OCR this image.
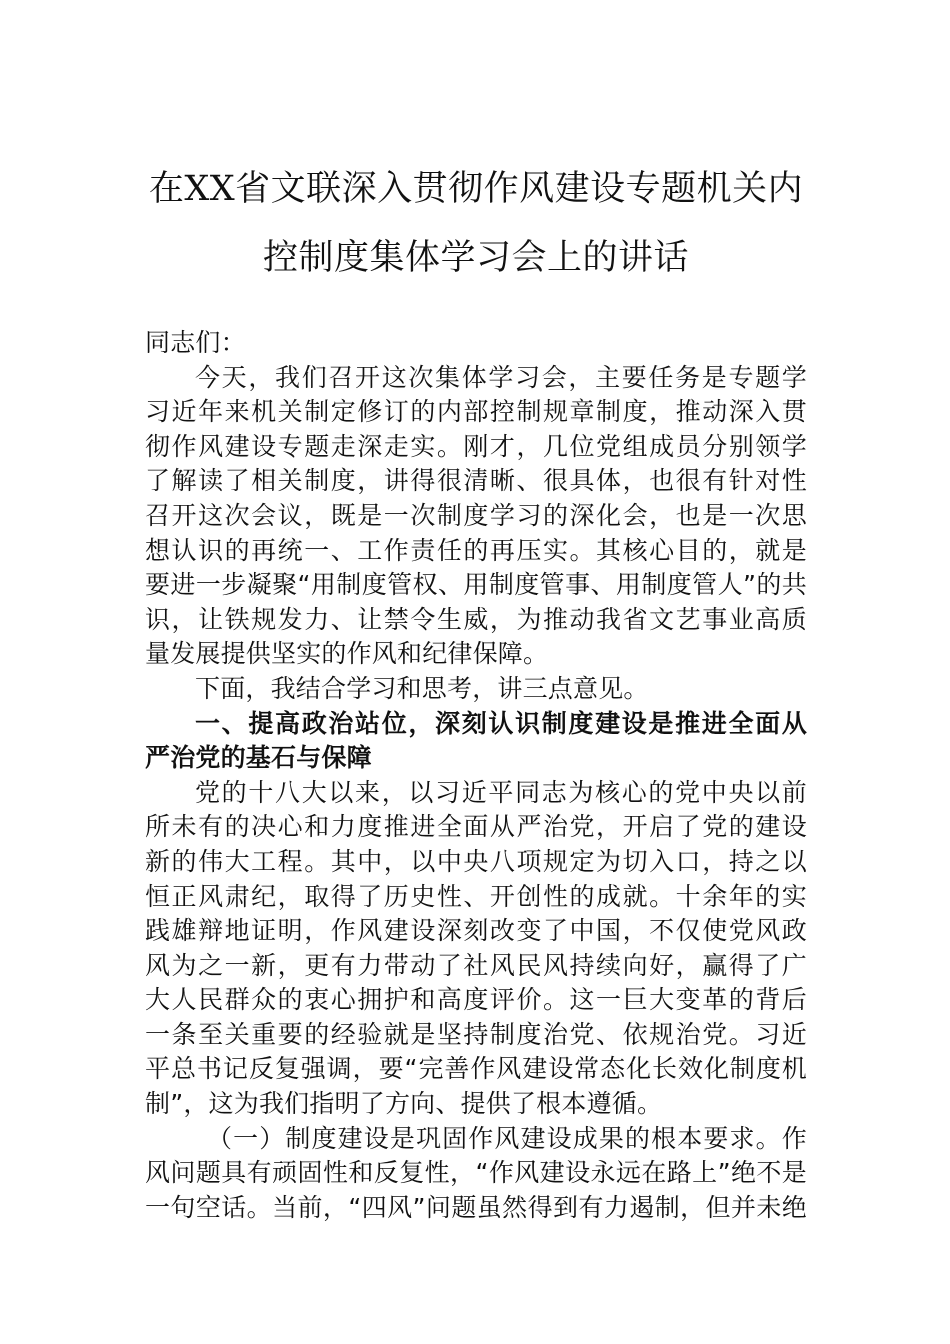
在XX省文联深入贯彻作风建设专题机关内
控制度集体学习会上的讲话
同志们：
今天，我们召开这次集体学习会，主要任务是专题学
习近年来机关制定修订的内部控制规章制度，推动深入贯
彻作风建设专题走深走实。刚才，几位党组成员分别领学
了解读了相关制度，讲得很清晰、很具体，也很有针对性
召开这次会议，既是一次制度学习的深化会，也是一次思
想认识的再统一、工作责任的再压实。其核心目的，就是
要进一步凝聚“用制度管权、用制度管事、用制度管人”的共
识，让铁规发力、让禁令生威，为推动我省文艺事业高质
量发展提供坚实的作风和纪律保障。
下面，我结合学习和思考，讲三点意见。
一、提高政治站位，深刻认识制度建设是推进全面从
严治党的基石与保障
党的十八大以来，以习近平同志为核心的党中央以前
所未有的决心和力度推进全面从严治党，开启了党的建设
新的伟大工程。其中，以中央八项规定为切入口，持之以
恒正风肃纪，取得了历史性、开创性的成就。十余年的实
践雄辩地证明，作风建设深刻改变了中国，不仅使党风政
风为之一新，更有力带动了社风民风持续向好，赢得了广
大人民群众的衷心拥护和高度评价。这一巨大变革的背后
一条至关重要的经验就是坚持制度治党、依规治党。习近
平总书记反复强调，要“完善作风建设常态化长效化制度机
制”，这为我们指明了方向、提供了根本遵循。
（一）制度建设是巩固作风建设成果的根本要求。作
风问题具有顽固性和反复性，“作风建设永远在路上”绝不是
一句空话。当前，“四风”问题虽然得到有力遏制，但并未绝
